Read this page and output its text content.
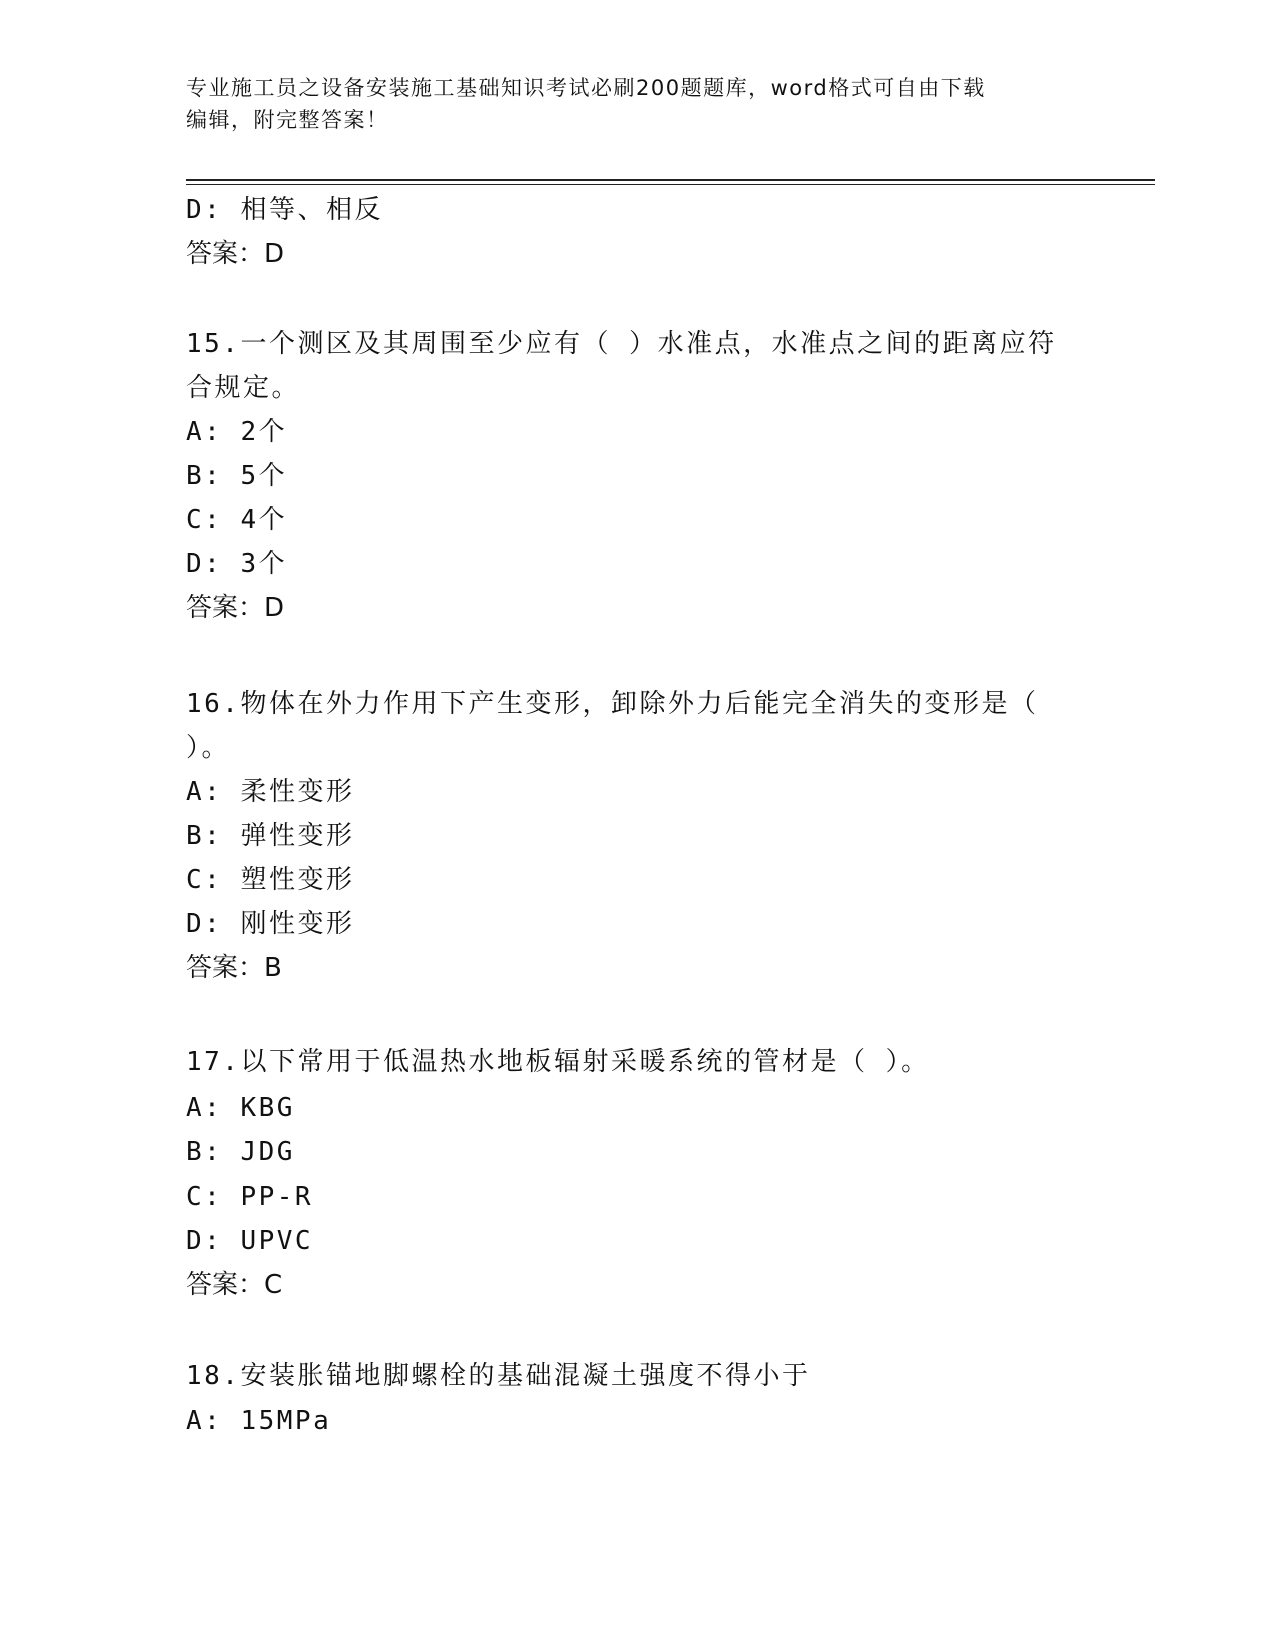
专业施工员之设备安装施工基础知识考试必刷200题题库，word格式可自由下载
编辑，附完整答案！
D: 相等、相反
答案：D
15.一个测区及其周围至少应有（ ）水准点，水准点之间的距离应符
合规定。
A: 2个
B: 5个
C: 4个
D: 3个
答案：D
16.物体在外力作用下产生变形，卸除外力后能完全消失的变形是（
）。
A: 柔性变形
B: 弹性变形
C: 塑性变形
D: 刚性变形
答案：B
17.以下常用于低温热水地板辐射采暖系统的管材是（ ）。
A: KBG
B: JDG
C: PP-R
D: UPVC
答案：C
18.安装胀锚地脚螺栓的基础混凝土强度不得小于
A: 15MPa
